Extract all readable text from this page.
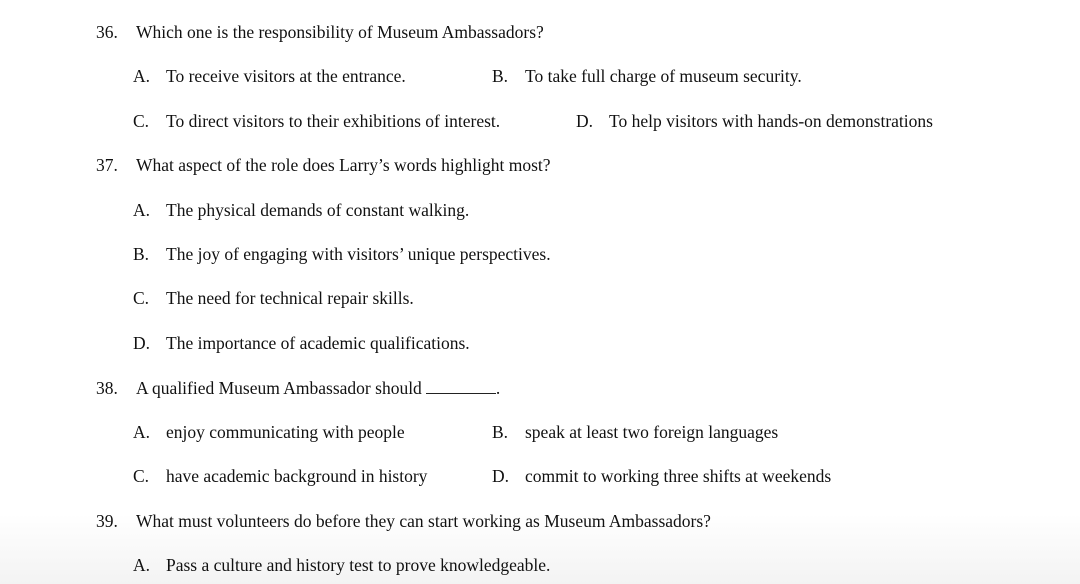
36. Which one is the responsibility of Museum Ambassadors?
A. To receive visitors at the entrance.	B. To take full charge of museum security.
C. To direct visitors to their exhibitions of interest.	D. To help visitors with hands-on demonstrations
37. What aspect of the role does Larry’s words highlight most?
A. The physical demands of constant walking.
B. The joy of engaging with visitors’ unique perspectives.
C. The need for technical repair skills.
D. The importance of academic qualifications.
38. A qualified Museum Ambassador should	.
A. enjoy communicating with people	B. speak at least two foreign languages
C. have academic background in history	D. commit to working three shifts at weekends
39. What must volunteers do before they can start working as Museum Ambassadors?
A. Pass a culture and history test to prove knowledgeable.
